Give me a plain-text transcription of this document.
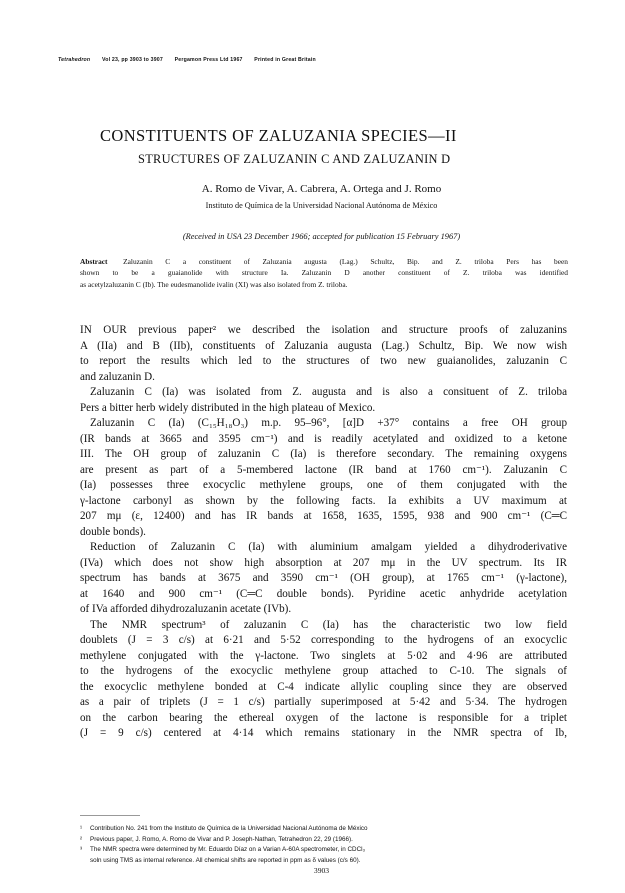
Tetrahedron Vol 23, pp 3903 to 3907 Pergamon Press Ltd 1967 Printed in Great Britain
CONSTITUENTS OF ZALUZANIA SPECIES—II
STRUCTURES OF ZALUZANIN C AND ZALUZANIN D
A. Romo de Vivar, A. Cabrera, A. Ortega and J. Romo
Instituto de Química de la Universidad Nacional Autónoma de México
(Received in USA 23 December 1966; accepted for publication 15 February 1967)
Abstract Zaluzanin C a constituent of Zaluzania augusta (Lag.) Schultz, Bip. and Z. triloba Pers has been
shown to be a guaianolide with structure Ia. Zaluzanin D another constituent of Z. triloba was identified
as acetylzaluzanin C (Ib). The eudesmanolide ivalin (XI) was also isolated from Z. triloba.
IN OUR previous paper² we described the isolation and structure proofs of zaluzanins
A (IIa) and B (IIb), constituents of Zaluzania augusta (Lag.) Schultz, Bip. We now wish
to report the results which led to the structures of two new guaianolides, zaluzanin C
and zaluzanin D.
Zaluzanin C (Ia) was isolated from Z. augusta and is also a consituent of Z. triloba
Pers a bitter herb widely distributed in the high plateau of Mexico.
Zaluzanin C (Ia) (C₁₅H₁₈O₃) m.p. 95–96°, [α]D +37° contains a free OH group
(IR bands at 3665 and 3595 cm⁻¹) and is readily acetylated and oxidized to a ketone
III. The OH group of zaluzanin C (Ia) is therefore secondary. The remaining oxygens
are present as part of a 5-membered lactone (IR band at 1760 cm⁻¹). Zaluzanin C
(Ia) possesses three exocyclic methylene groups, one of them conjugated with the
γ-lactone carbonyl as shown by the following facts. Ia exhibits a UV maximum at
207 mμ (ε, 12400) and has IR bands at 1658, 1635, 1595, 938 and 900 cm⁻¹ (C═C
double bonds).
Reduction of Zaluzanin C (Ia) with aluminium amalgam yielded a dihydroderivative
(IVa) which does not show high absorption at 207 mμ in the UV spectrum. Its IR
spectrum has bands at 3675 and 3590 cm⁻¹ (OH group), at 1765 cm⁻¹ (γ-lactone),
at 1640 and 900 cm⁻¹ (C═C double bonds). Pyridine acetic anhydride acetylation
of IVa afforded dihydrozaluzanin acetate (IVb).
The NMR spectrum³ of zaluzanin C (Ia) has the characteristic two low field
doublets (J = 3 c/s) at 6·21 and 5·52 corresponding to the hydrogens of an exocyclic
methylene conjugated with the γ-lactone. Two singlets at 5·02 and 4·96 are attributed
to the hydrogens of the exocyclic methylene group attached to C-10. The signals of
the exocyclic methylene bonded at C-4 indicate allylic coupling since they are observed
as a pair of triplets (J = 1 c/s) partially superimposed at 5·42 and 5·34. The hydrogen
on the carbon bearing the ethereal oxygen of the lactone is responsible for a triplet
(J = 9 c/s) centered at 4·14 which remains stationary in the NMR spectra of Ib,
¹ Contribution No. 241 from the Instituto de Química de la Universidad Nacional Autónoma de México
² Previous paper, J. Romo, A. Romo de Vivar and P. Joseph-Nathan, Tetrahedron 22, 29 (1966).
³ The NMR spectra were determined by Mr. Eduardo Díaz on a Varian A-60A spectrometer, in CDCl₃
soln using TMS as internal reference. All chemical shifts are reported in ppm as δ values (c/s 60).
3903
